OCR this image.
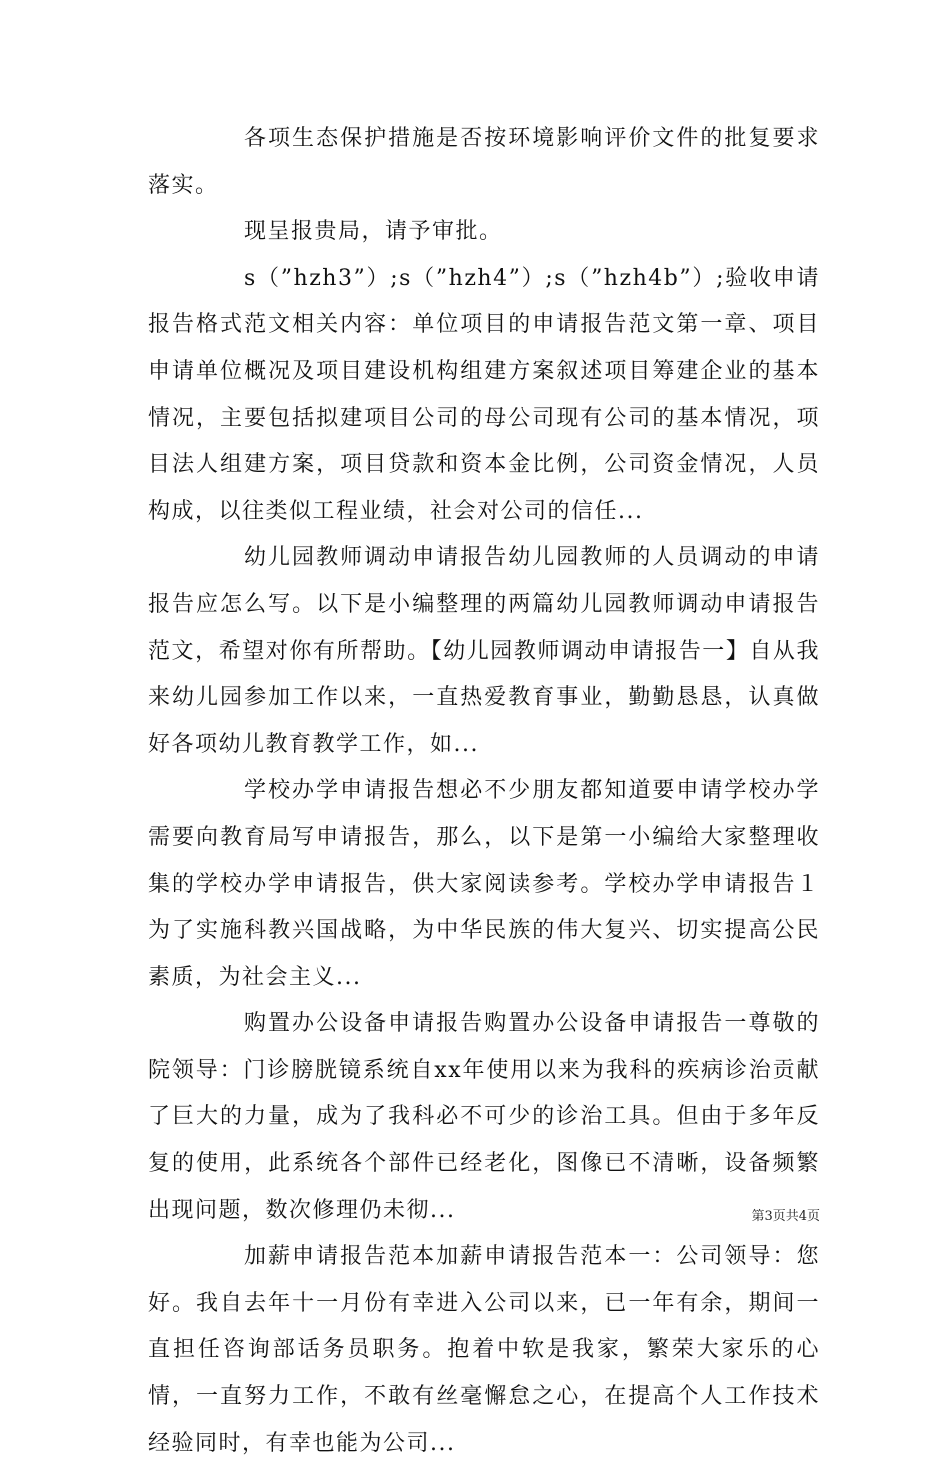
各项生态保护措施是否按环境影响评价文件的批复要求落实。

现呈报贵局，请予审批。

s（”hzh3”）;s（”hzh4”）;s（”hzh4b”）;验收申请报告格式范文相关内容：单位项目的申请报告范文第一章、项目申请单位概况及项目建设机构组建方案叙述项目筹建企业的基本情况，主要包括拟建项目公司的母公司现有公司的基本情况，项目法人组建方案，项目贷款和资本金比例，公司资金情况，人员构成，以往类似工程业绩，社会对公司的信任...

幼儿园教师调动申请报告幼儿园教师的人员调动的申请报告应怎么写。以下是小编整理的两篇幼儿园教师调动申请报告范文，希望对你有所帮助。【幼儿园教师调动申请报告一】自从我来幼儿园参加工作以来，一直热爱教育事业，勤勤恳恳，认真做好各项幼儿教育教学工作，如...

学校办学申请报告想必不少朋友都知道要申请学校办学需要向教育局写申请报告，那么，以下是第一小编给大家整理收集的学校办学申请报告，供大家阅读参考。学校办学申请报告１为了实施科教兴国战略，为中华民族的伟大复兴、切实提高公民素质，为社会主义...

购置办公设备申请报告购置办公设备申请报告一尊敬的院领导：门诊膀胱镜系统自xx年使用以来为我科的疾病诊治贡献了巨大的力量，成为了我科必不可少的诊治工具。但由于多年反复的使用，此系统各个部件已经老化，图像已不清晰，设备频繁出现问题，数次修理仍未彻...

加薪申请报告范本加薪申请报告范本一：公司领导：您好。我自去年十一月份有幸进入公司以来，已一年有余，期间一直担任咨询部话务员职务。抱着中软是我家，繁荣大家乐的心情，一直努力工作，不敢有丝毫懈怠之心，在提高个人工作技术经验同时，有幸也能为公司...

第3页共4页
